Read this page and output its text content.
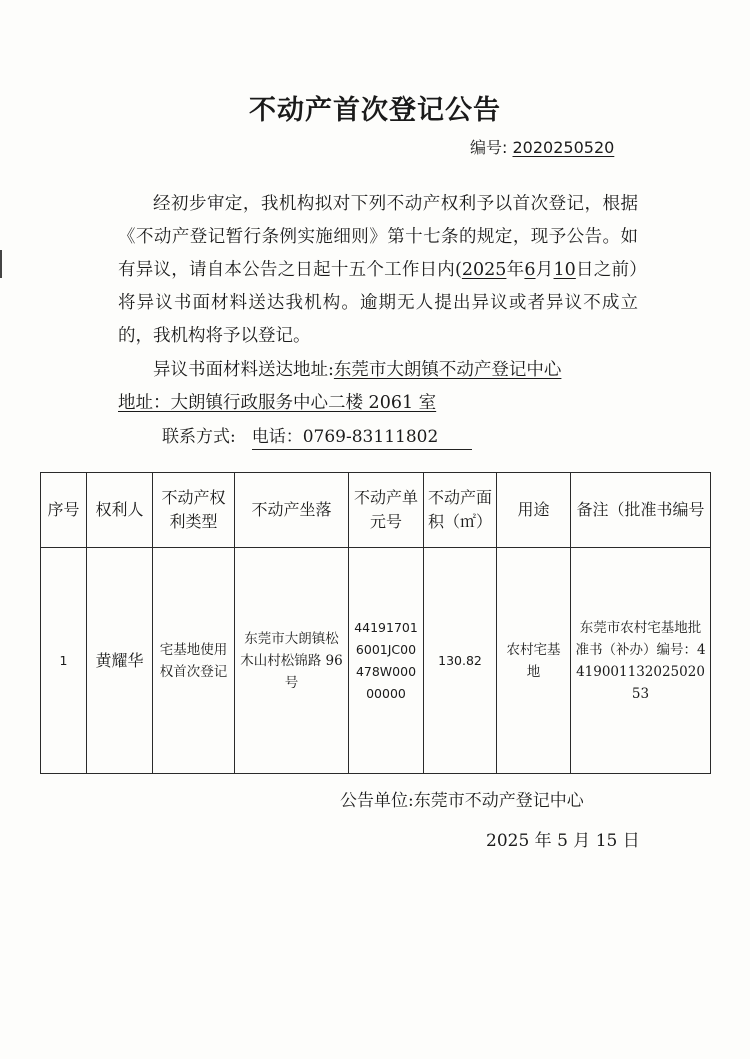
不动产首次登记公告
编号: 2020250520

经初步审定，我机构拟对下列不动产权利予以首次登记，根据《不动产登记暂行条例实施细则》第十七条的规定，现予公告。如有异议，请自本公告之日起十五个工作日内(2025年6月10日之前）将异议书面材料送达我机构。逾期无人提出异议或者异议不成立的，我机构将予以登记。

异议书面材料送达地址:东莞市大朗镇不动产登记中心
地址：大朗镇行政服务中心二楼 2061 室
联系方式: 电话：0769-83111802
序号	权利人	不动产权利类型	不动产坐落	不动产单元号	不动产面积（㎡）	用途	备注（批准书编号
1	黄耀华	宅基地使用权首次登记	东莞市大朗镇松木山村松锦路 96 号	441917016001JC00478W00000000	130.82	农村宅基地	东莞市农村宅基地批准书（补办）编号：441900113202502053
公告单位:东莞市不动产登记中心
2025 年 5 月 15 日
